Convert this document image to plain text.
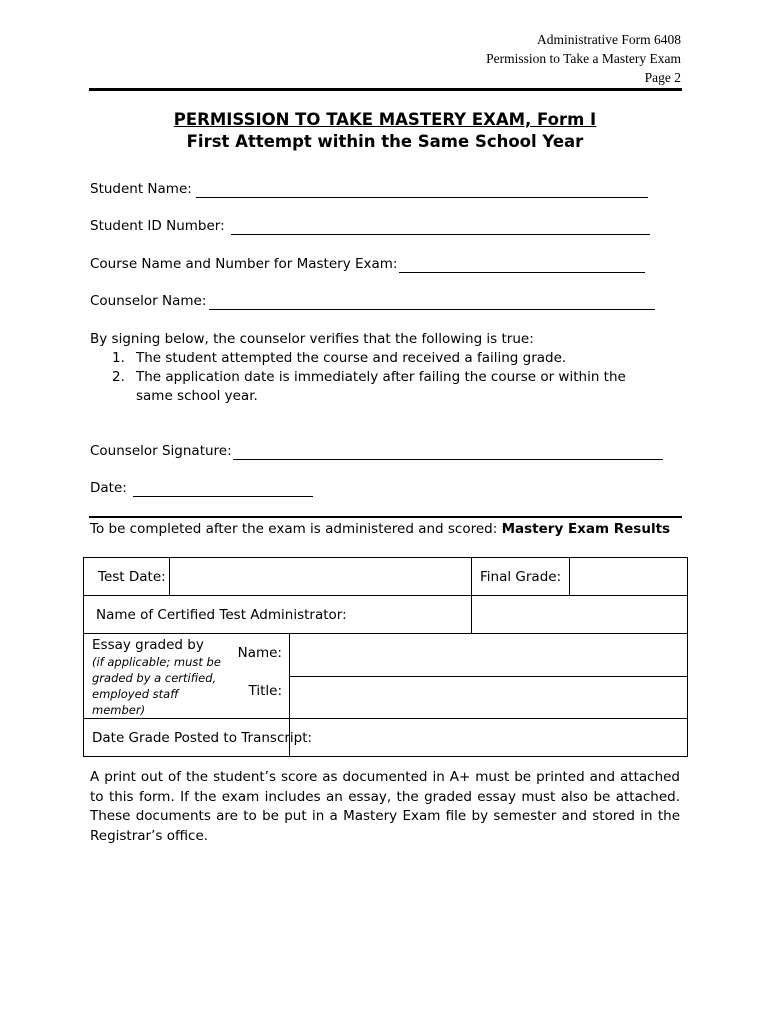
Administrative Form 6408
Permission to Take a Mastery Exam
Page 2
PERMISSION TO TAKE MASTERY EXAM, Form I
First Attempt within the Same School Year
Student Name:
Student ID Number:
Course Name and Number for Mastery Exam:
Counselor Name:
By signing below, the counselor verifies that the following is true:
1. The student attempted the course and received a failing grade.
2. The application date is immediately after failing the course or within the same school year.
Counselor Signature:
Date:
To be completed after the exam is administered and scored: Mastery Exam Results
Test Date:			Final Grade:	
Name of Certified Test Administrator:				

Essay graded by
(if applicable; must be graded by a certified, employed staff member)
Name:
Title:				

Date Grade Posted to Transcript:				
A print out of the student’s score as documented in A+ must be printed and attached to this form. If the exam includes an essay, the graded essay must also be attached. These documents are to be put in a Mastery Exam file by semester and stored in the Registrar’s office.
